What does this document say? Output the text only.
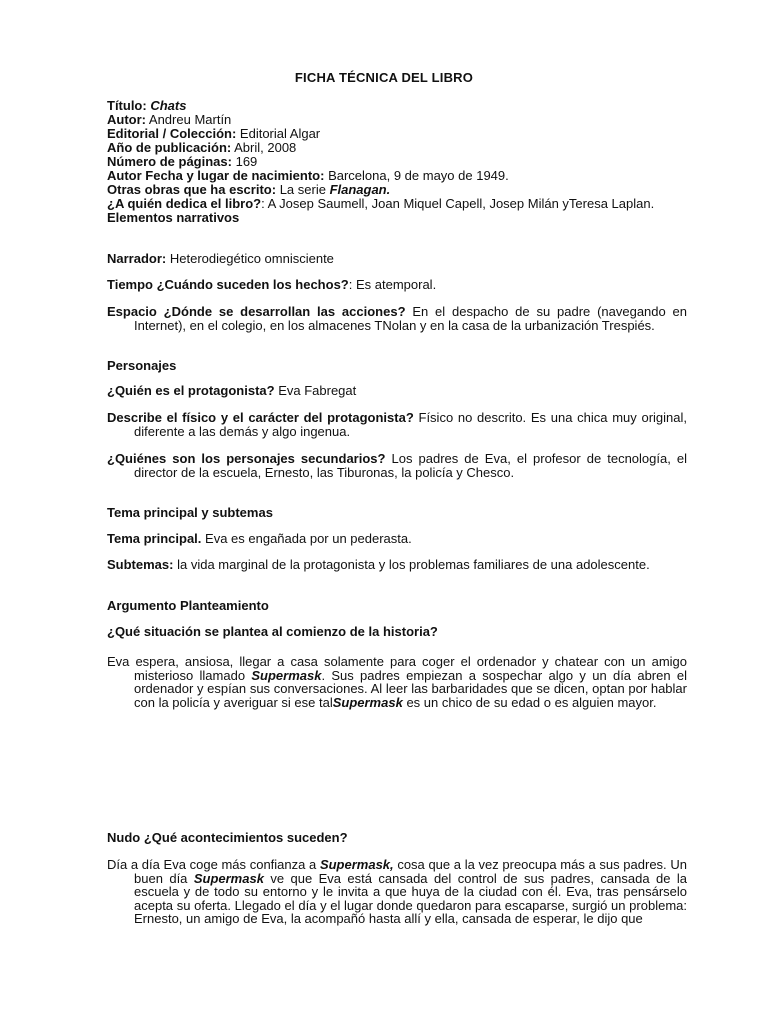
FICHA TÉCNICA DEL LIBRO
Título: Chats
Autor: Andreu Martín
Editorial / Colección: Editorial Algar
Año de publicación: Abril, 2008
Número de páginas: 169
Autor Fecha y lugar de nacimiento: Barcelona, 9 de mayo de 1949.
Otras obras que ha escrito: La serie Flanagan.
¿A quién dedica el libro?: A Josep Saumell, Joan Miquel Capell, Josep Milán yTeresa Laplan.
Elementos narrativos
Narrador: Heterodiegético omnisciente
Tiempo ¿Cuándo suceden los hechos?: Es atemporal.
Espacio ¿Dónde se desarrollan las acciones? En el despacho de su padre (navegando en Internet), en el colegio, en los almacenes TNolan y en la casa de la urbanización Trespiés.
Personajes
¿Quién es el protagonista? Eva Fabregat
Describe el físico y el carácter del protagonista? Físico no descrito. Es una chica muy original, diferente a las demás y algo ingenua.
¿Quiénes son los personajes secundarios? Los padres de Eva, el profesor de tecnología, el director de la escuela, Ernesto, las Tiburonas, la policía y Chesco.
Tema principal y subtemas
Tema principal. Eva es engañada por un pederasta.
Subtemas: la vida marginal de la protagonista y los problemas familiares de una adolescente.
Argumento Planteamiento
¿Qué situación se plantea al comienzo de la historia?
Eva espera, ansiosa, llegar a casa solamente para coger el ordenador y chatear con un amigo misterioso llamado Supermask. Sus padres empiezan a sospechar algo y un día abren el ordenador y espían sus conversaciones. Al leer las barbaridades que se dicen, optan por hablar con la policía y averiguar si ese talSupermask es un chico de su edad o es alguien mayor.
Nudo ¿Qué acontecimientos suceden?
Día a día Eva coge más confianza a Supermask, cosa que a la vez preocupa más a sus padres. Un buen día Supermask ve que Eva está cansada del control de sus padres, cansada de la escuela y de todo su entorno y le invita a que huya de la ciudad con él. Eva, tras pensárselo acepta su oferta. Llegado el día y el lugar donde quedaron para escaparse, surgió un problema: Ernesto, un amigo de Eva, la acompañó hasta allí y ella, cansada de esperar, le dijo que
